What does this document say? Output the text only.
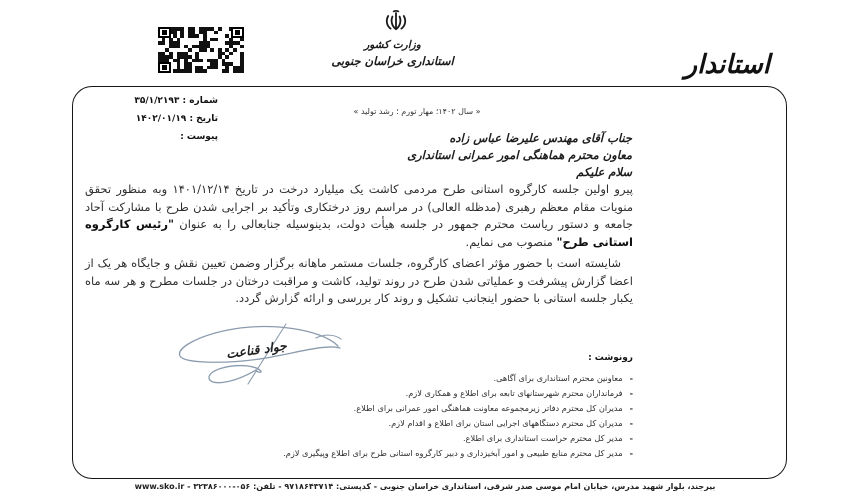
وزارت کشور
استانداری خراسان جنوبی
شماره : ۳۵/۱/۲۱۹۳
تاریخ : ۱۴۰۲/۰۱/۱۹
پیوست :
استاندار
« سال ۱۴۰۲؛ مهار تورم ؛ رشد تولید »
جناب آقای مهندس علیرضا عباس زاده
معاون محترم هماهنگی امور عمرانی استانداری
سلام علیکم
پیرو اولین جلسه کارگروه استانی طرح مردمی کاشت یک میلیارد درخت در تاریخ ۱۴۰۱/۱۲/۱۴ وبه منظور تحقق منویات مقام معظم رهبری (مدظله العالی) در مراسم روز درختکاری وتأکید بر اجرایی شدن طرح با مشارکت آحاد جامعه و دستور ریاست محترم جمهور در جلسه هیأت دولت، بدینوسیله جنابعالی را به عنوان "رئیس کارگروه استانی طرح" منصوب می نمایم.
شایسته است با حضور مؤثر اعضای کارگروه، جلسات مستمر ماهانه برگزار وضمن تعیین نقش و جایگاه هر یک از اعضا گزارش پیشرفت و عملیاتی شدن طرح در روند تولید، کاشت و مراقبت درختان در جلسات مطرح و هر سه ماه یکبار جلسه استانی با حضور اینجانب تشکیل و روند کار بررسی و ارائه گزارش گردد.
جواد قناعت	رونوشت :
-
معاونین محترم استانداری برای آگاهی.
-
فرمانداران محترم شهرستانهای تابعه برای اطلاع و همکاری لازم.
-
مدیران کل محترم دفاتر زیرمجموعه معاونت هماهنگی امور عمرانی برای اطلاع.
-
مدیران کل محترم دستگاههای اجرایی استان برای اطلاع و اقدام لازم.
-
مدیر کل محترم حراست استانداری برای اطلاع.
-
مدیر کل محترم منابع طبیعی و امور آبخیزداری و دبیر کارگروه استانی طرح برای اطلاع وپیگیری لازم.
بیرجند، بلوار شهید مدرس، خیابان امام موسی صدر شرقی، استانداری خراسان جنوبی - کدپستی: ۹۷۱۸۶۴۳۷۱۴ - تلفن: ۰۵۶-۳۲۳۸۶۰۰۰ - www.sko.ir
